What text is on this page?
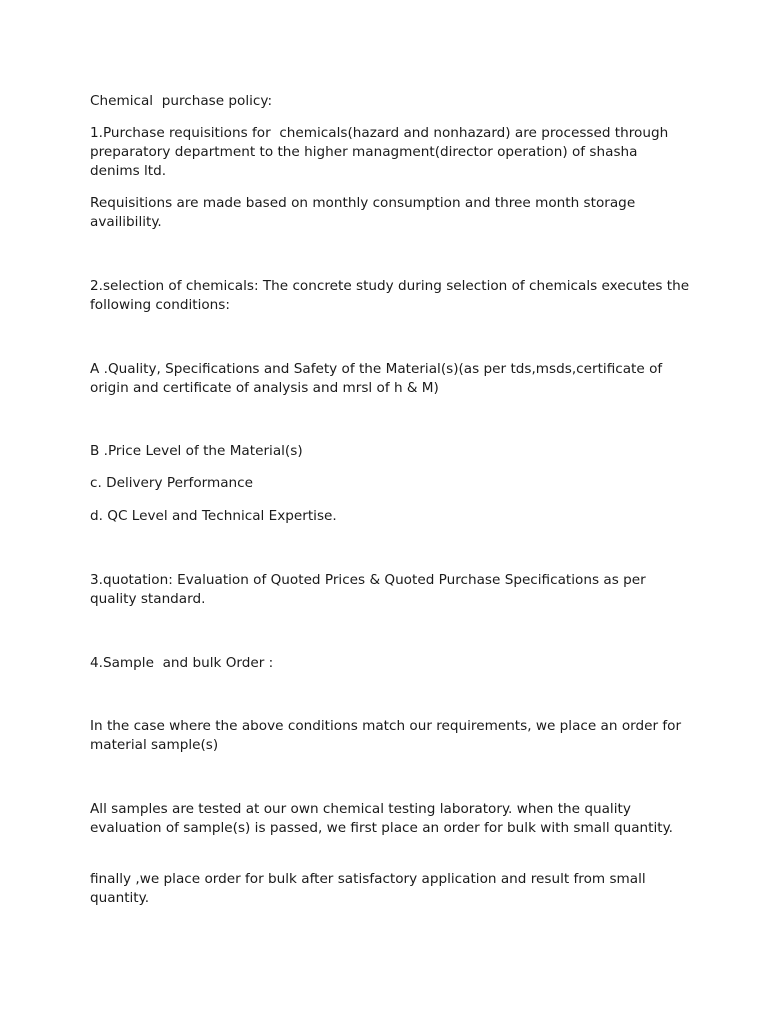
Chemical  purchase policy:

1.Purchase requisitions for  chemicals(hazard and nonhazard) are processed through preparatory department to the higher managment(director operation) of shasha denims ltd.

Requisitions are made based on monthly consumption and three month storage availibility.

2.selection of chemicals: The concrete study during selection of chemicals executes the following conditions:

A .Quality, Specifications and Safety of the Material(s)(as per tds,msds,certificate of origin and certificate of analysis and mrsl of h & M)

B .Price Level of the Material(s)

c. Delivery Performance

d. QC Level and Technical Expertise.

3.quotation: Evaluation of Quoted Prices & Quoted Purchase Specifications as per quality standard.

4.Sample  and bulk Order :

In the case where the above conditions match our requirements, we place an order for material sample(s)

All samples are tested at our own chemical testing laboratory. when the quality evaluation of sample(s) is passed, we first place an order for bulk with small quantity.

finally ,we place order for bulk after satisfactory application and result from small quantity.
